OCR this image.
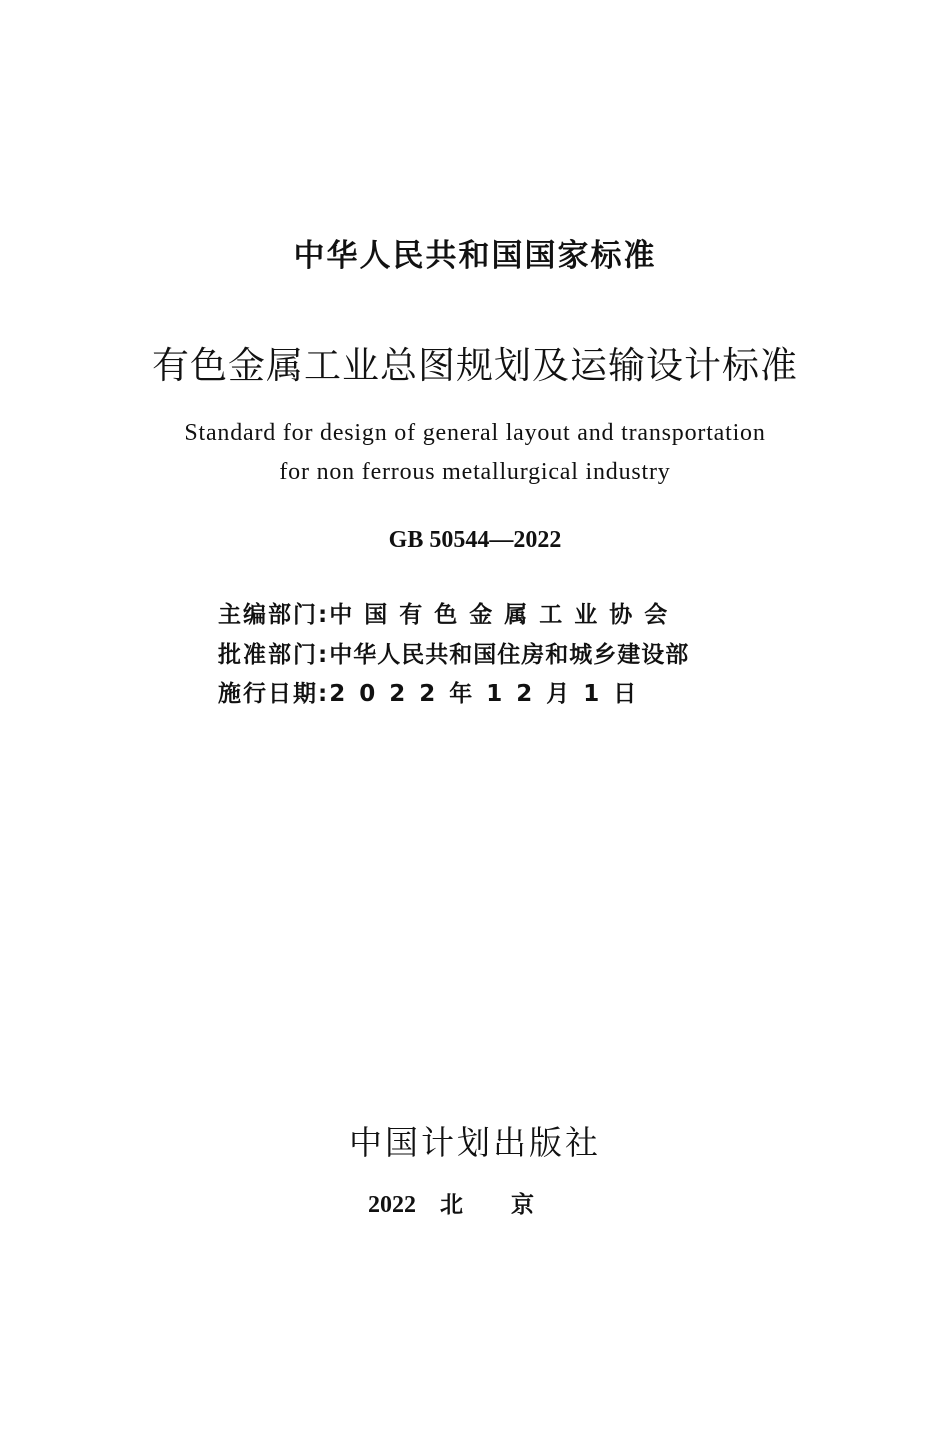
中华人民共和国国家标准
有色金属工业总图规划及运输设计标准
Standard for design of general layout and transportation
for non ferrous metallurgical industry
GB 50544—2022
主编部门:中国有色金属工业协会
批准部门:中华人民共和国住房和城乡建设部
施行日期:2022年12月1日
中国计划出版社
2022 北京
